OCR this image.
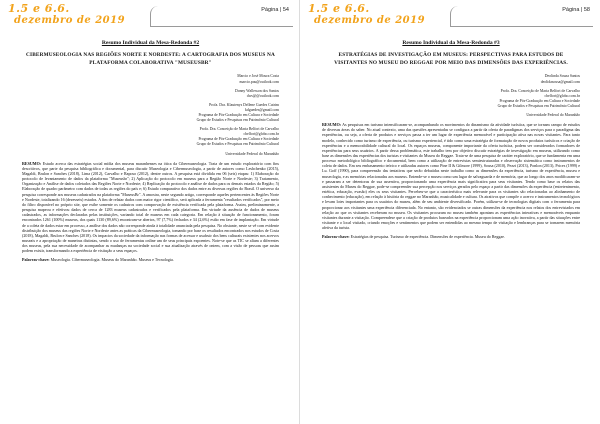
1.5 e 6.6.
dezembro de 2019
Página | 54
Resumo Individual da Mesa-Redonda #2
CIBERMUSEOLOGIA NAS REGIÕES NORTE E NORDESTE: A CARTOGRAFIA DOS MUSEUS NA PLATAFORMA COLABORATIVA "MUSEUSBR"
Marcio e José Moura Costa
marcio.pau@outlook.com
Donny Wallesson dos Santos
dws@@outlook.com
Profa. Dra. Klautenys Dellene Guedes Cutrim
kdguedes@gmail.com
Programa de Pós-Graduação em Cultura e Sociedade
Grupo de Estudos e Pesquisas em Patrimônio Cultural
Profa. Dra. Conceição de Maria Belfort de Carvalho
cbelfort@globo.com.br
Programa de Pós-Graduação em Cultura e Sociedade
Grupo de Estudos e Pesquisas em Patrimônio Cultural
Universidade Federal do Maranhão
RESUMO: Estudo acerca das estratégias social mídia dos museus maranhenses na ótica da Cibermuseologia. Trata de um estudo exploratório com fins descritivos, que parte da pesquisa bibliográfica e documental, para discutir Museologia e Cibermuseologia, a partir de autores como Leshchenko (2015), Magaldi, Brulon e Sanches (2018), Lima (2012), Carvalho e Raposo (2012), dentre outros. A pesquisa está dividida em 06 (seis) etapas: 1) Elaboração do protocolo de levantamento de dados da plataforma "Museusbr"; 2) Aplicação do protocolo em museus para a Região Norte e Nordeste; 3) Tratamento, Organização e Análise de dados coletados das Regiões Norte e Nordeste; 4) Replicação do protocolo e análise de dados para os demais estados da Região; 5) Elaboração de quadro parâmetro com dados de todas as regiões do país e; 6) Estudo comparativo dos dados entre as diversas regiões do Brasil. O universo da pesquisa corresponde aos museus cadastrados na plataforma "MuseusBr". A amostra, neste segundo artigo, corresponde aqueles pertencentes às Regiões Norte e Nordeste, totalizando 16 (dezesseis) estados. A fim de relatar dados com maior rigor científico, será aplicada a ferramenta "resultados verificados", por meio do filtro disponível no próprio site, que exibe somente os cadastros com comprovação de existência verificada pela plataforma. Assim, preliminarmente, a pesquisa mapeou e efetivou dados de cerca de 1283 museus cadastrados e verificados pela plataforma. Em virtude da ausência de dados de museus cadastrados, as informações declaradas pelas instituições, variando total de museus em cada categoria. Em relação à situação de funcionamento, foram encontrados 1261 (100%) museus, dos quais 1130 (89,6%) encontram-se abertos, 97 (7,7%) fechados e 34 (2,6%) estão em fase de implantação. Em virtude de a coleta de dados estar em processo, a análise dos dados não corresponde ainda à totalidade anunciada pela pesquisa. No obstante, neste se vê com evidente distribuição dos museus das regiões Norte e Nordeste antes as práticas da Cibermuseologia, tomando por base os resultados encontrados nos estudos de Costa (2018), Magaldi, Brulon e Sanches (2018). Os impactos da sociedade da informação nas formas de acessar e usufruir dos bens culturais existentes nos acervos museais e a apropriação de maneiras distintas, sendo o uso de ferramentas online um de seus principais expoentes. Note-se que as TIC se aliam a diferentes dos museus, pela sua necessidade de acompanhar as mudanças na sociedade social e sua atualização através de ontem, com a visão de pessoas que assim podem existir, transformando a experiência de visitação a seus espaços.
Palavras-chave: Museologia. Cibermuseologia. Museus do Maranhão. Museus e Tecnologia.
1.5 e 6.6.
dezembro de 2019
Página | 58
Resumo Individual da Mesa-Redonda #3
ESTRATÉGIAS DE INVESTIGAÇÃO EM MUSEUS: PERSPECTIVAS PARA ESTUDOS DE VISITANTES NO MUSEU DO REGGAE POR MEIO DAS DIMENSÕES DAS EXPERIÊNCIAS.
Deolinda Souza Santos
deolidasousa@gmail.com
Profa. Dra. Conceição de Maria Belfort de Carvalho
cbelfort@globo.com.br
Programa de Pós-Graduação em Cultura e Sociedade
Grupo de Estudos e Pesquisas em Patrimônio Cultural
Universidade Federal do Maranhão
RESUMO: As pesquisas em turismo intensificaram-se, acompanhando os movimentos do dinamismo da atividade turística, que se tornam campo de estudos de diversas áreas do saber. No atual contexto, uma das questões apresentadas se configura a partir da oferta de paradigmas dos serviços para o paradigma das experiências, ou seja, a oferta de produtos e serviços passa a ter um lugar de experiência memorável e participação ativa nas novas visitantes. Para tanto modelo, conhecido como turismo de experiência, ou turismo experiencial, é tido como uma estratégia de formatação de novos produtos turísticos e criação de experiências e a memorabilidade cultural do local. Os espaços museus, componente importante da oferta turística, podem ser considerados formadores de experiências para seus usuários. A partir dessa problemática, este trabalho tem por objetivo discutir estratégias de investigação em museus, utilizando como base as dimensões das experiências dos turistas e visitantes do Museu do Reggae. Trata-se de uma pesquisa de caráter exploratório, que se fundamenta em uma processo metodológico bibliográfico e documental, bem como a utilização de entrevistas semiestruturadas e observação sistemática como instrumentos de coleta de dados. Em seu embasamento teórico e utilizadas autores como Pine II & Gilmore (1999), Sousa (2010), Pezzi (2013), Ponlon (2013), Prices (1999) e Lu. Goff (1990), para compreensão das tentativas que serão debatidas neste trabalho como as dimensões da experiência, turismo de experiência, museu e museologia, e as memórias relacionadas aos museus. Entende-se o museu como um lugar de salvaguarda e de memória, que ao longo dos anos modificaram-se e passaram a ser detentoras de sua assentiva, proporcionando uma experiência mais significativa para seus visitantes. Tendo como base os relatos das assistentes do Museu do Reggae, pode-se compreender sua percepção nos serviços gerados pelo espaço a partir das dimensões da experiência (entretenimento, estética, educação, evasão) eles os seus visitantes. Percebeu-se que a característica mais relevante para os visitantes são relacionadas ao alinhamento de conhecimento (educação), em relação à história do reggae no Maranhão, musicalidade e cultura. Os atrativos que compõe o acervo e instrumentos tecnológicos e levam lotes importantes para os usuários do museu, além de seu ambiente diversificado. Porém, utilizar-se de tecnologias digitais com o ferramenta para proporcionar aos visitantes uma experiência diferenciada. No entanto, são evidenciados se outras dimensões da experiência nos relatos dos entrevistados em relação ao que os visitantes receberam no museu. Os visitantes procuram no museu também apontam as experiências interativas e memoráveis enquanto visitantes durante a visitação. Compreendese que a criação de produtos baseados na experiência proporcionam uma ação inovativa, a partir das situações entre visitante e o local visitado, criando emoções e sentimentos que podem ser entendidas ao mesmo tempo de visitação e lembranças para se tornarem memória afetiva da turista.
Palavras-chave: Estratégias de pesquisa. Turismo de experiência. Dimensões de experiência. Museu do Reggae.
